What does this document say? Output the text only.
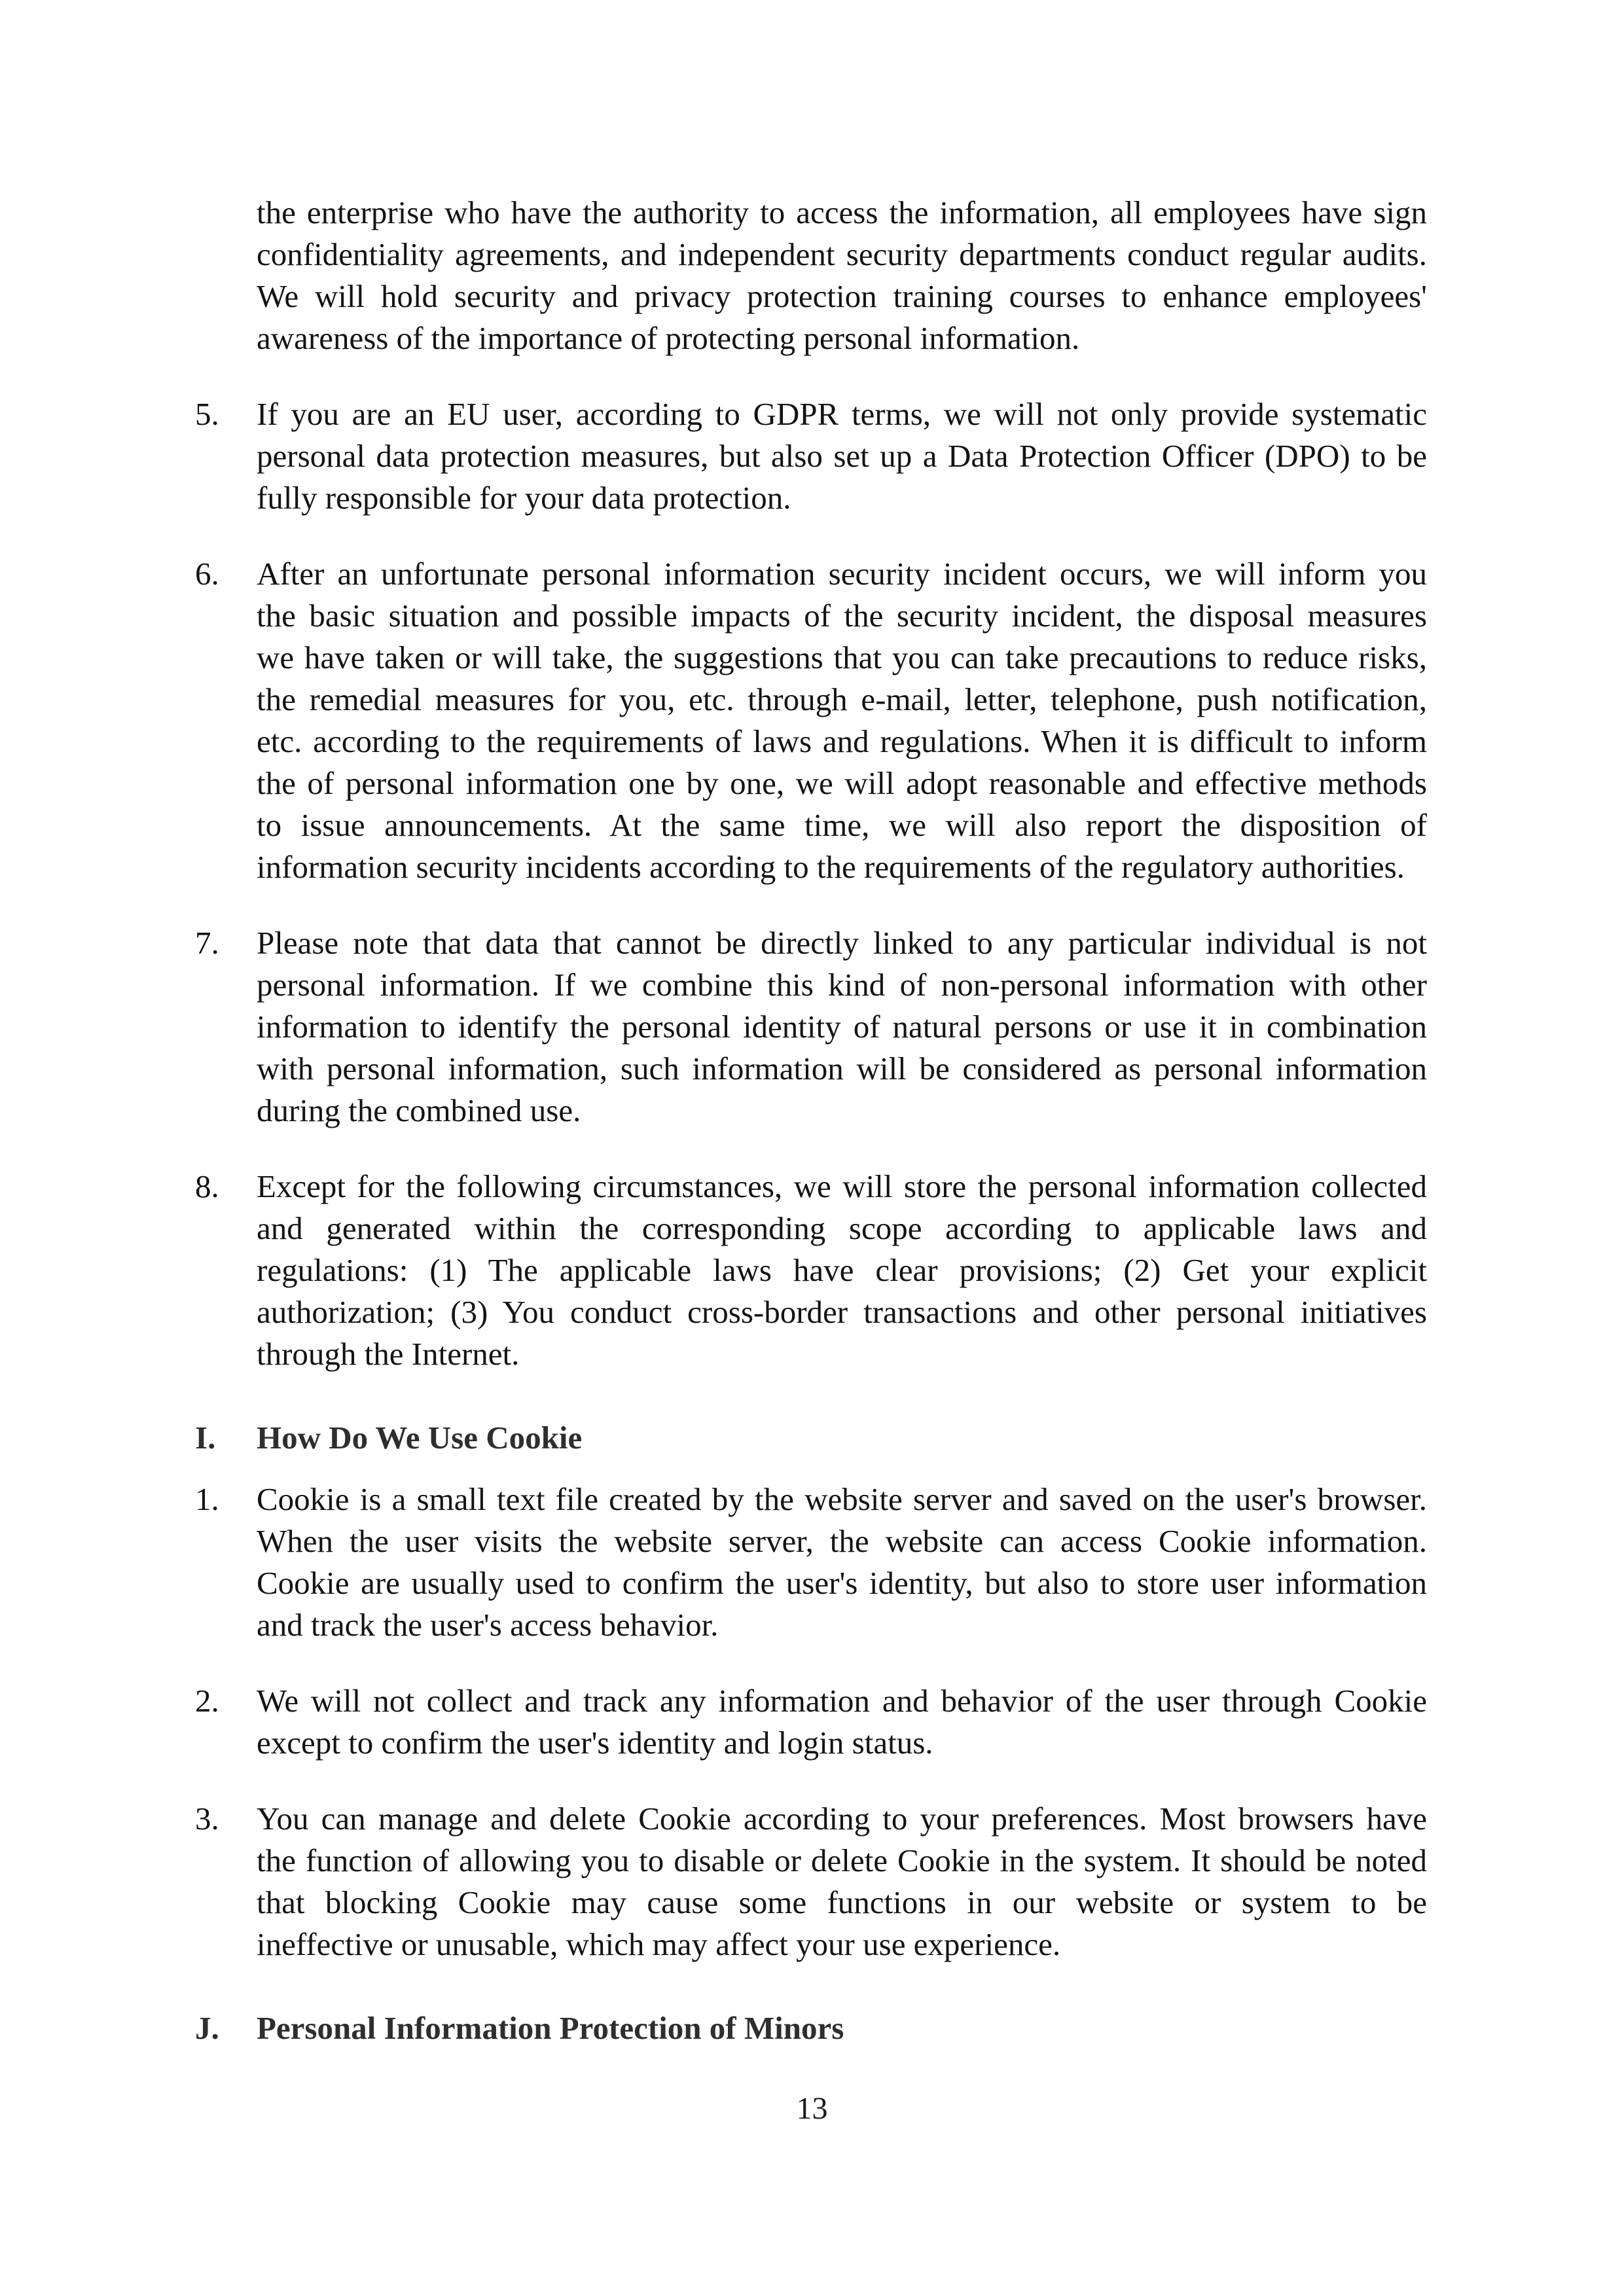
the enterprise who have the authority to access the information, all employees have sign

confidentiality agreements, and independent security departments conduct regular audits.

We will hold security and privacy protection training courses to enhance employees'

awareness of the importance of protecting personal information.

5. If you are an EU user, according to GDPR terms, we will not only provide systematic

personal data protection measures, but also set up a Data Protection Officer (DPO) to be

fully responsible for your data protection.

6. After an unfortunate personal information security incident occurs, we will inform you

the basic situation and possible impacts of the security incident, the disposal measures

we have taken or will take, the suggestions that you can take precautions to reduce risks,

the remedial measures for you, etc. through e-mail, letter, telephone, push notification,

etc. according to the requirements of laws and regulations. When it is difficult to inform

the of personal information one by one, we will adopt reasonable and effective methods

to issue announcements. At the same time, we will also report the disposition of

information security incidents according to the requirements of the regulatory authorities.

7. Please note that data that cannot be directly linked to any particular individual is not

personal information. If we combine this kind of non-personal information with other

information to identify the personal identity of natural persons or use it in combination

with personal information, such information will be considered as personal information

during the combined use.

8. Except for the following circumstances, we will store the personal information collected

and generated within the corresponding scope according to applicable laws and

regulations: (1) The applicable laws have clear provisions; (2) Get your explicit

authorization; (3) You conduct cross-border transactions and other personal initiatives

through the Internet.

I. How Do We Use Cookie

1. Cookie is a small text file created by the website server and saved on the user's browser.

When the user visits the website server, the website can access Cookie information.

Cookie are usually used to confirm the user's identity, but also to store user information

and track the user's access behavior.

2. We will not collect and track any information and behavior of the user through Cookie

except to confirm the user's identity and login status.

3. You can manage and delete Cookie according to your preferences. Most browsers have

the function of allowing you to disable or delete Cookie in the system. It should be noted

that blocking Cookie may cause some functions in our website or system to be

ineffective or unusable, which may affect your use experience.

J. Personal Information Protection of Minors

13
